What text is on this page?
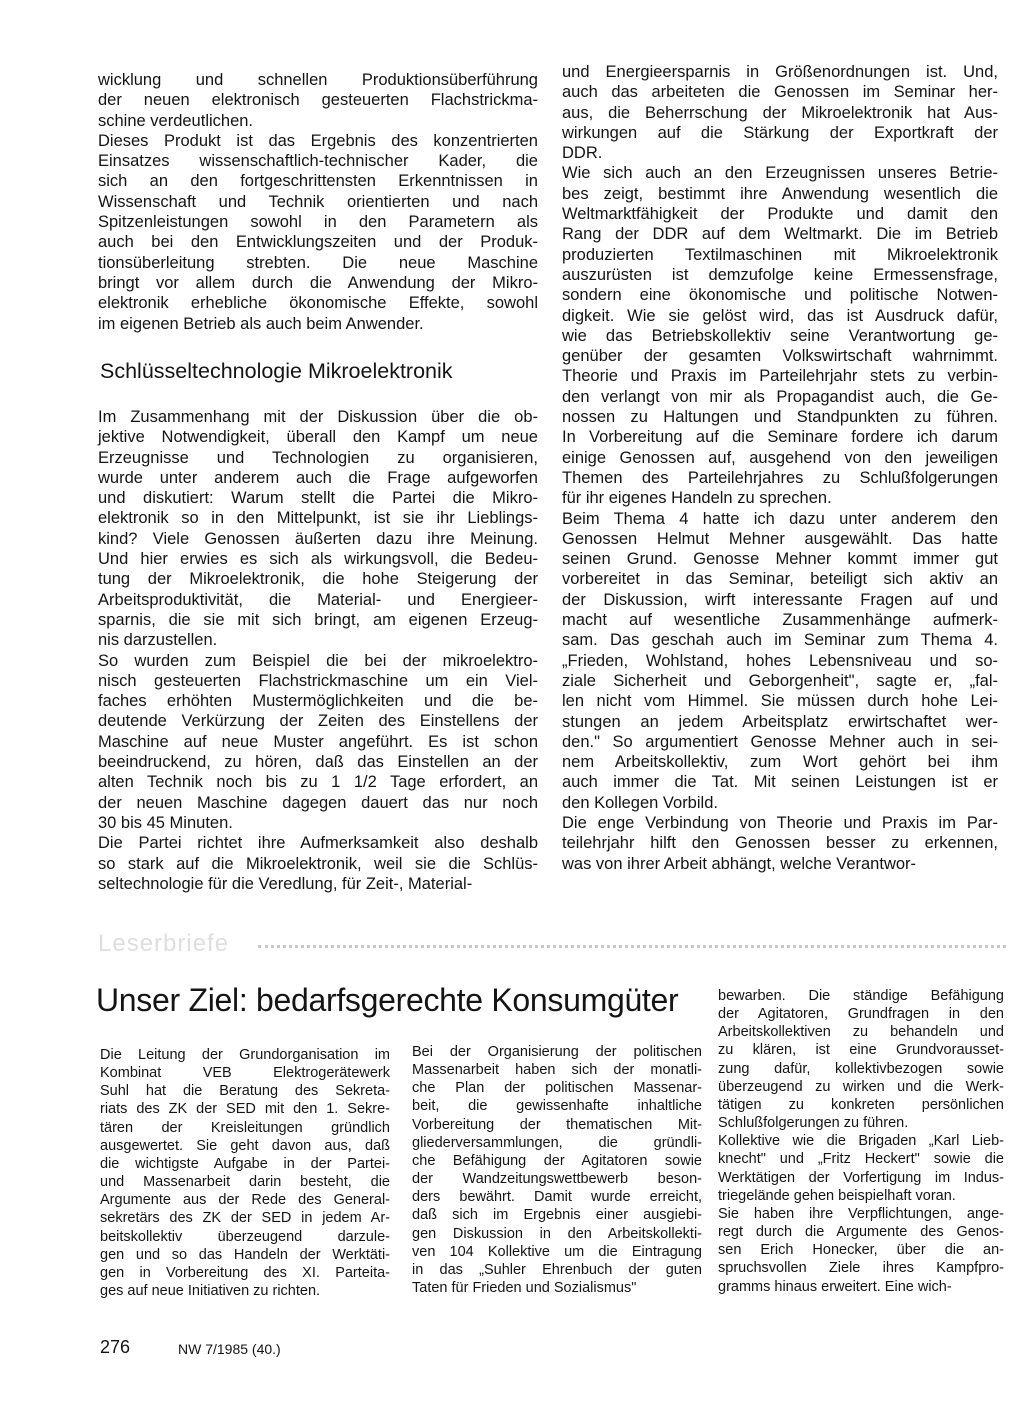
wicklung und schnellen Produktionsüberführung
der neuen elektronisch gesteuerten Flachstrickma-
schine verdeutlichen.
Dieses Produkt ist das Ergebnis des konzentrierten
Einsatzes wissenschaftlich-technischer Kader, die
sich an den fortgeschrittensten Erkenntnissen in
Wissenschaft und Technik orientierten und nach
Spitzenleistungen sowohl in den Parametern als
auch bei den Entwicklungszeiten und der Produk-
tionsüberleitung strebten. Die neue Maschine
bringt vor allem durch die Anwendung der Mikro-
elektronik erhebliche ökonomische Effekte, sowohl
im eigenen Betrieb als auch beim Anwender.
Schlüsseltechnologie Mikroelektronik
Im Zusammenhang mit der Diskussion über die ob-
jektive Notwendigkeit, überall den Kampf um neue
Erzeugnisse und Technologien zu organisieren,
wurde unter anderem auch die Frage aufgeworfen
und diskutiert: Warum stellt die Partei die Mikro-
elektronik so in den Mittelpunkt, ist sie ihr Lieblings-
kind? Viele Genossen äußerten dazu ihre Meinung.
Und hier erwies es sich als wirkungsvoll, die Bedeu-
tung der Mikroelektronik, die hohe Steigerung der
Arbeitsproduktivität, die Material- und Energieer-
sparnis, die sie mit sich bringt, am eigenen Erzeug-
nis darzustellen.
So wurden zum Beispiel die bei der mikroelektro-
nisch gesteuerten Flachstrickmaschine um ein Viel-
faches erhöhten Mustermöglichkeiten und die be-
deutende Verkürzung der Zeiten des Einstellens der
Maschine auf neue Muster angeführt. Es ist schon
beeindruckend, zu hören, daß das Einstellen an der
alten Technik noch bis zu 1 1/2 Tage erfordert, an
der neuen Maschine dagegen dauert das nur noch
30 bis 45 Minuten.
Die Partei richtet ihre Aufmerksamkeit also deshalb
so stark auf die Mikroelektronik, weil sie die Schlüs-
seltechnologie für die Veredlung, für Zeit-, Material-
und Energieersparnis in Größenordnungen ist. Und,
auch das arbeiteten die Genossen im Seminar her-
aus, die Beherrschung der Mikroelektronik hat Aus-
wirkungen auf die Stärkung der Exportkraft der
DDR.
Wie sich auch an den Erzeugnissen unseres Betrie-
bes zeigt, bestimmt ihre Anwendung wesentlich die
Weltmarktfähigkeit der Produkte und damit den
Rang der DDR auf dem Weltmarkt. Die im Betrieb
produzierten Textilmaschinen mit Mikroelektronik
auszurüsten ist demzufolge keine Ermessensfrage,
sondern eine ökonomische und politische Notwen-
digkeit. Wie sie gelöst wird, das ist Ausdruck dafür,
wie das Betriebskollektiv seine Verantwortung ge-
genüber der gesamten Volkswirtschaft wahrnimmt.
Theorie und Praxis im Parteilehrjahr stets zu verbin-
den verlangt von mir als Propagandist auch, die Ge-
nossen zu Haltungen und Standpunkten zu führen.
In Vorbereitung auf die Seminare fordere ich darum
einige Genossen auf, ausgehend von den jeweiligen
Themen des Parteilehrjahres zu Schlußfolgerungen
für ihr eigenes Handeln zu sprechen.
Beim Thema 4 hatte ich dazu unter anderem den
Genossen Helmut Mehner ausgewählt. Das hatte
seinen Grund. Genosse Mehner kommt immer gut
vorbereitet in das Seminar, beteiligt sich aktiv an
der Diskussion, wirft interessante Fragen auf und
macht auf wesentliche Zusammenhänge aufmerk-
sam. Das geschah auch im Seminar zum Thema 4.
„Frieden, Wohlstand, hohes Lebensniveau und so-
ziale Sicherheit und Geborgenheit", sagte er, „fal-
len nicht vom Himmel. Sie müssen durch hohe Lei-
stungen an jedem Arbeitsplatz erwirtschaftet wer-
den." So argumentiert Genosse Mehner auch in sei-
nem Arbeitskollektiv, zum Wort gehört bei ihm
auch immer die Tat. Mit seinen Leistungen ist er
den Kollegen Vorbild.
Die enge Verbindung von Theorie und Praxis im Par-
teilehrjahr hilft den Genossen besser zu erkennen,
was von ihrer Arbeit abhängt, welche Verantwor-
Leserbriefe
Unser Ziel: bedarfsgerechte Konsumgüter
Die Leitung der Grundorganisation im
Kombinat VEB Elektrogerätewerk
Suhl hat die Beratung des Sekreta-
riats des ZK der SED mit den 1. Sekre-
tären der Kreisleitungen gründlich
ausgewertet. Sie geht davon aus, daß
die wichtigste Aufgabe in der Partei-
und Massenarbeit darin besteht, die
Argumente aus der Rede des General-
sekretärs des ZK der SED in jedem Ar-
beitskollektiv überzeugend darzule-
gen und so das Handeln der Werktäti-
gen in Vorbereitung des XI. Parteita-
ges auf neue Initiativen zu richten.
Bei der Organisierung der politischen
Massenarbeit haben sich der monatli-
che Plan der politischen Massenar-
beit, die gewissenhafte inhaltliche
Vorbereitung der thematischen Mit-
gliederversammlungen, die gründli-
che Befähigung der Agitatoren sowie
der Wandzeitungswettbewerb beson-
ders bewährt. Damit wurde erreicht,
daß sich im Ergebnis einer ausgiebi-
gen Diskussion in den Arbeitskollekti-
ven 104 Kollektive um die Eintragung
in das „Suhler Ehrenbuch der guten
Taten für Frieden und Sozialismus"
bewarben. Die ständige Befähigung
der Agitatoren, Grundfragen in den
Arbeitskollektiven zu behandeln und
zu klären, ist eine Grundvorausset-
zung dafür, kollektivbezogen sowie
überzeugend zu wirken und die Werk-
tätigen zu konkreten persönlichen
Schlußfolgerungen zu führen.
Kollektive wie die Brigaden „Karl Lieb-
knecht" und „Fritz Heckert" sowie die
Werktätigen der Vorfertigung im Indus-
triegelände gehen beispielhaft voran.
Sie haben ihre Verpflichtungen, ange-
regt durch die Argumente des Genos-
sen Erich Honecker, über die an-
spruchsvollen Ziele ihres Kampfpro-
gramms hinaus erweitert. Eine wich-
276	NW 7/1985 (40.)
